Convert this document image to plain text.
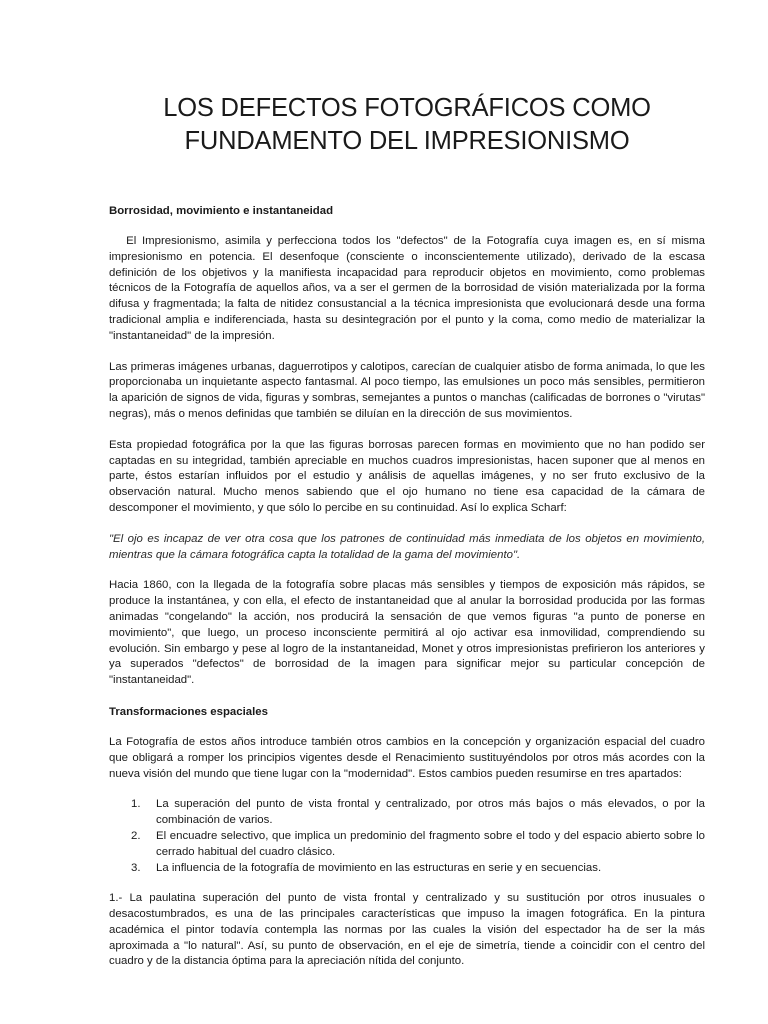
LOS DEFECTOS FOTOGRÁFICOS COMO
FUNDAMENTO DEL IMPRESIONISMO
Borrosidad, movimiento e instantaneidad

El Impresionismo, asimila y perfecciona todos los "defectos" de la Fotografía cuya imagen es, en sí misma impresionismo en potencia. El desenfoque (consciente o inconscientemente utilizado), derivado de la escasa definición de los objetivos y la manifiesta incapacidad para reproducir objetos en movimiento, como problemas técnicos de la Fotografía de aquellos años, va a ser el germen de la borrosidad de visión materializada por la forma difusa y fragmentada; la falta de nitidez consustancial a la técnica impresionista que evolucionará desde una forma tradicional amplia e indiferenciada, hasta su desintegración por el punto y la coma, como medio de materializar la "instantaneidad" de la impresión.

Las primeras imágenes urbanas, daguerrotipos y calotipos, carecían de cualquier atisbo de forma animada, lo que les proporcionaba un inquietante aspecto fantasmal. Al poco tiempo, las emulsiones un poco más sensibles, permitieron la aparición de signos de vida, figuras y sombras, semejantes a puntos o manchas (calificadas de borrones o "virutas" negras), más o menos definidas que también se diluían en la dirección de sus movimientos.

Esta propiedad fotográfica por la que las figuras borrosas parecen formas en movimiento que no han podido ser captadas en su integridad, también apreciable en muchos cuadros impresionistas, hacen suponer que al menos en parte, éstos estarían influidos por el estudio y análisis de aquellas imágenes, y no ser fruto exclusivo de la observación natural. Mucho menos sabiendo que el ojo humano no tiene esa capacidad de la cámara de descomponer el movimiento, y que sólo lo percibe en su continuidad. Así lo explica Scharf:

"El ojo es incapaz de ver otra cosa que los patrones de continuidad más inmediata de los objetos en movimiento, mientras que la cámara fotográfica capta la totalidad de la gama del movimiento".

Hacia 1860, con la llegada de la fotografía sobre placas más sensibles y tiempos de exposición más rápidos, se produce la instantánea, y con ella, el efecto de instantaneidad que al anular la borrosidad producida por las formas animadas "congelando" la acción, nos producirá la sensación de que vemos figuras "a punto de ponerse en movimiento", que luego, un proceso inconsciente permitirá al ojo activar esa inmovilidad, comprendiendo su evolución. Sin embargo y pese al logro de la instantaneidad, Monet y otros impresionistas prefirieron los anteriores y ya superados "defectos" de borrosidad de la imagen para significar mejor su particular concepción de "instantaneidad".

Transformaciones espaciales

La Fotografía de estos años introduce también otros cambios en la concepción y organización espacial del cuadro que obligará a romper los principios vigentes desde el Renacimiento sustituyéndolos por otros más acordes con la nueva visión del mundo que tiene lugar con la "modernidad". Estos cambios pueden resumirse en tres apartados:

1. La superación del punto de vista frontal y centralizado, por otros más bajos o más elevados, o por la combinación de varios.
2. El encuadre selectivo, que implica un predominio del fragmento sobre el todo y del espacio abierto sobre lo cerrado habitual del cuadro clásico.
3. La influencia de la fotografía de movimiento en las estructuras en serie y en secuencias.

1.- La paulatina superación del punto de vista frontal y centralizado y su sustitución por otros inusuales o desacostumbrados, es una de las principales características que impuso la imagen fotográfica. En la pintura académica el pintor todavía contempla las normas por las cuales la visión del espectador ha de ser la más aproximada a "lo natural". Así, su punto de observación, en el eje de simetría, tiende a coincidir con el centro del cuadro y de la distancia óptima para la apreciación nítida del conjunto.
